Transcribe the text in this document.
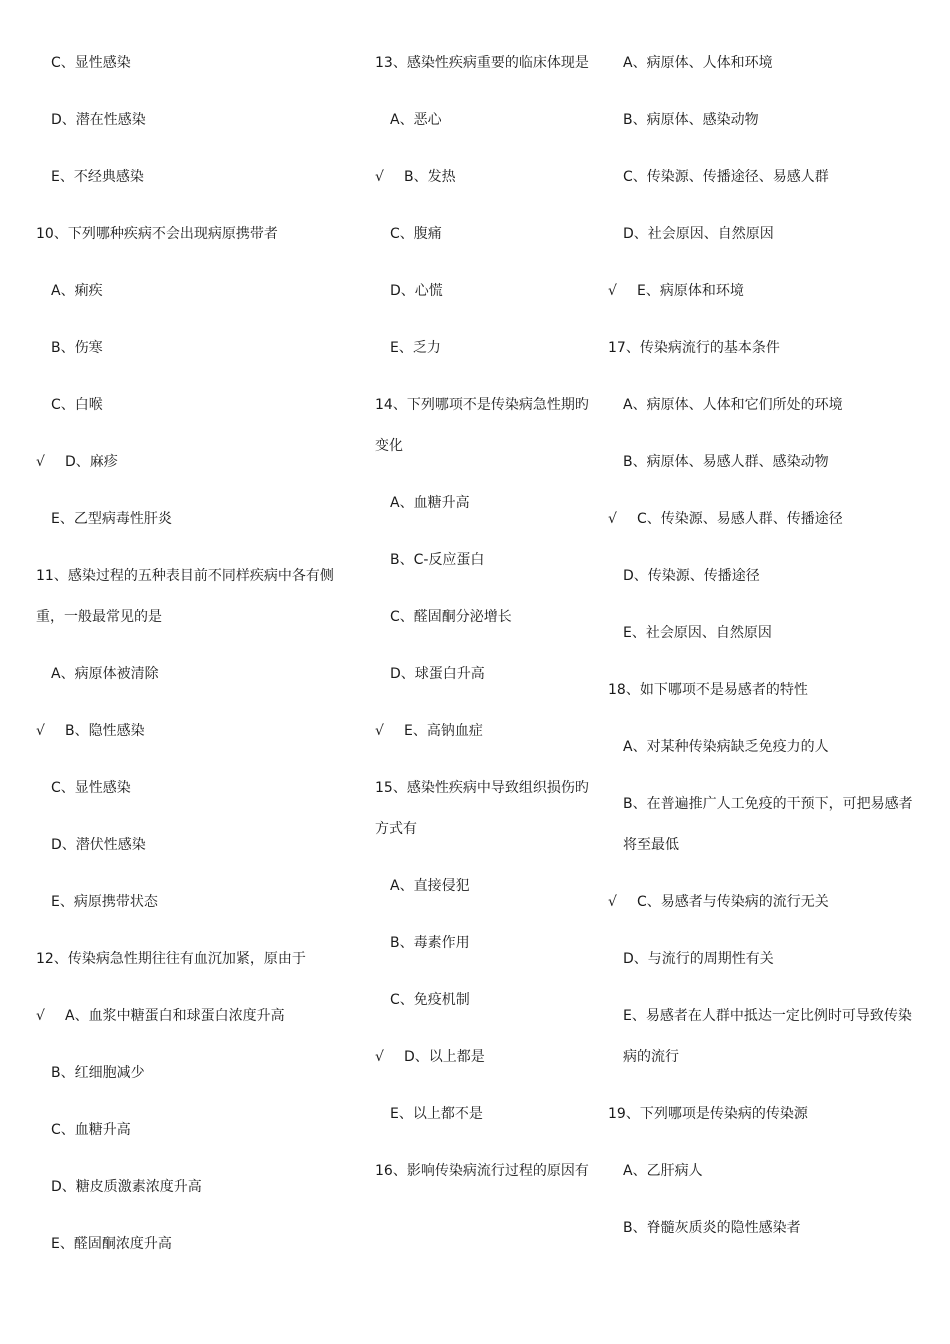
C、显性感染
D、潜在性感染
E、不经典感染
10、下列哪种疾病不会出现病原携带者
A、痢疾
B、伤寒
C、白喉
√ D、麻疹
E、乙型病毒性肝炎
11、感染过程的五种表目前不同样疾病中各有侧重，一般最常见的是
A、病原体被清除
√ B、隐性感染
C、显性感染
D、潜伏性感染
E、病原携带状态
12、传染病急性期往往有血沉加紧，原由于
√ A、血浆中糖蛋白和球蛋白浓度升高
B、红细胞减少
C、血糖升高
D、糖皮质激素浓度升高
E、醛固酮浓度升高
13、感染性疾病重要的临床体现是
A、恶心
√ B、发热
C、腹痛
D、心慌
E、乏力
14、下列哪项不是传染病急性期旳变化
A、血糖升高
B、C-反应蛋白
C、醛固酮分泌增长
D、球蛋白升高
√ E、高钠血症
15、感染性疾病中导致组织损伤旳方式有
A、直接侵犯
B、毒素作用
C、免疫机制
√ D、以上都是
E、以上都不是
16、影响传染病流行过程的原因有
A、病原体、人体和环境
B、病原体、感染动物
C、传染源、传播途径、易感人群
D、社会原因、自然原因
√ E、病原体和环境
17、传染病流行的基本条件
A、病原体、人体和它们所处的环境
B、病原体、易感人群、感染动物
√ C、传染源、易感人群、传播途径
D、传染源、传播途径
E、社会原因、自然原因
18、如下哪项不是易感者的特性
A、对某种传染病缺乏免疫力的人
B、在普遍推广人工免疫的干预下，可把易感者将至最低
√ C、易感者与传染病的流行无关
D、与流行的周期性有关
E、易感者在人群中抵达一定比例时可导致传染病的流行
19、下列哪项是传染病的传染源
A、乙肝病人
B、脊髓灰质炎的隐性感染者
